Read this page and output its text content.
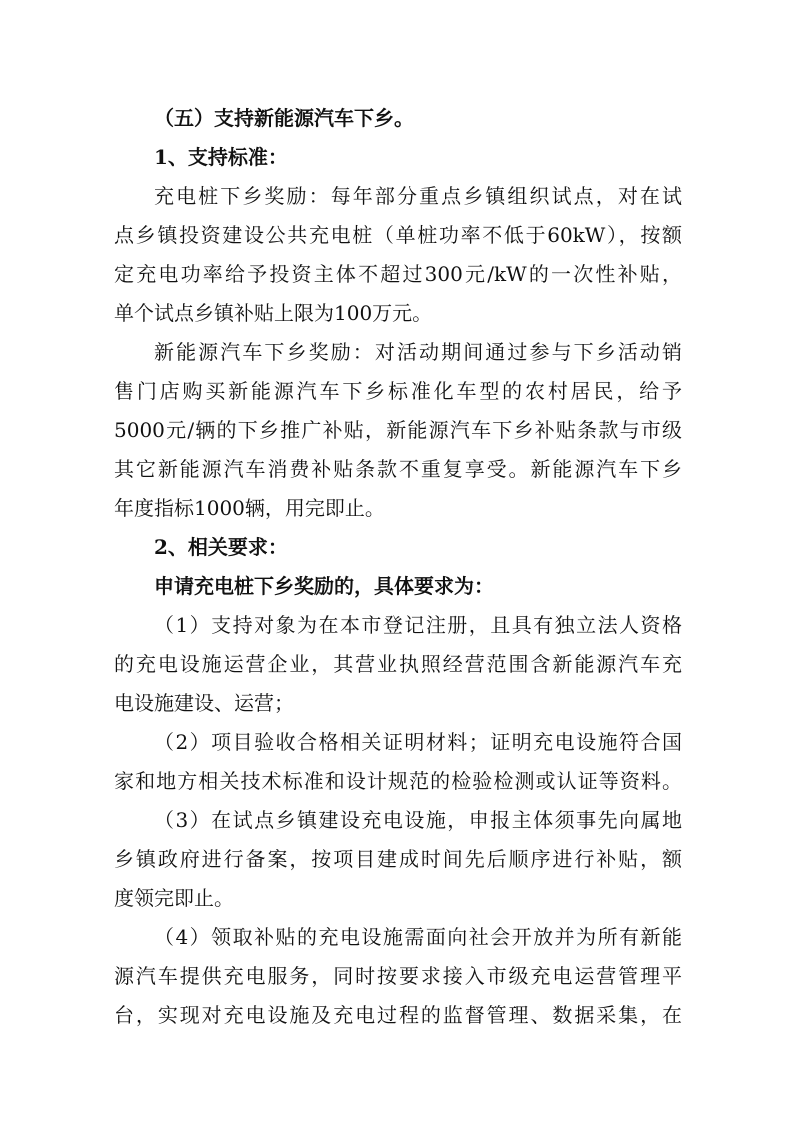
（五）支持新能源汽车下乡。
1、支持标准：
充电桩下乡奖励：每年部分重点乡镇组织试点，对在试
点乡镇投资建设公共充电桩（单桩功率不低于60kW），按额
定充电功率给予投资主体不超过300元/kW的一次性补贴，
单个试点乡镇补贴上限为100万元。
新能源汽车下乡奖励：对活动期间通过参与下乡活动销
售门店购买新能源汽车下乡标准化车型的农村居民，给予
5000元/辆的下乡推广补贴，新能源汽车下乡补贴条款与市级
其它新能源汽车消费补贴条款不重复享受。新能源汽车下乡
年度指标1000辆，用完即止。
2、相关要求：
申请充电桩下乡奖励的，具体要求为：
（1）支持对象为在本市登记注册，且具有独立法人资格
的充电设施运营企业，其营业执照经营范围含新能源汽车充
电设施建设、运营；
（2）项目验收合格相关证明材料；证明充电设施符合国
家和地方相关技术标准和设计规范的检验检测或认证等资料。
（3）在试点乡镇建设充电设施，申报主体须事先向属地
乡镇政府进行备案，按项目建成时间先后顺序进行补贴，额
度领完即止。
（4）领取补贴的充电设施需面向社会开放并为所有新能
源汽车提供充电服务，同时按要求接入市级充电运营管理平
台，实现对充电设施及充电过程的监督管理、数据采集，在
